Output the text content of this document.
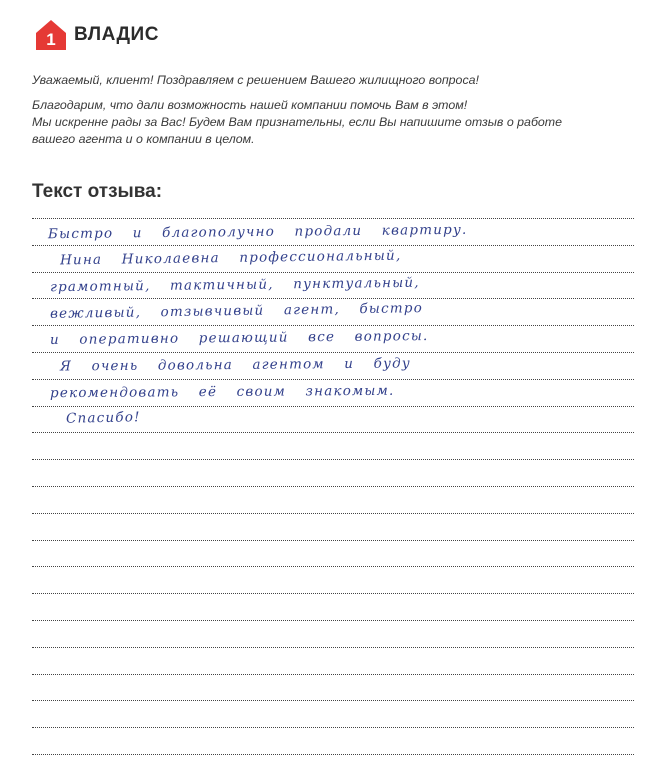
1 ВЛАДИС

Уважаемый, клиент! Поздравляем с решением Вашего жилищного вопроса!

Благодарим, что дали возможность нашей компании помочь Вам в этом!

Мы искренне рады за Вас! Будем Вам признательны, если Вы напишите отзыв о работе

вашего агента и о компании в целом.

Текст отзыва:
Быстро и благополучно продали квартиру.
Нина Николаевна профессиональный,
грамотный, тактичный, пунктуальный,
вежливый, отзывчивый агент, быстро
и оперативно решающий все вопросы.
Я очень довольна агентом и буду
рекомендовать её своим знакомым.
Спасибо!
